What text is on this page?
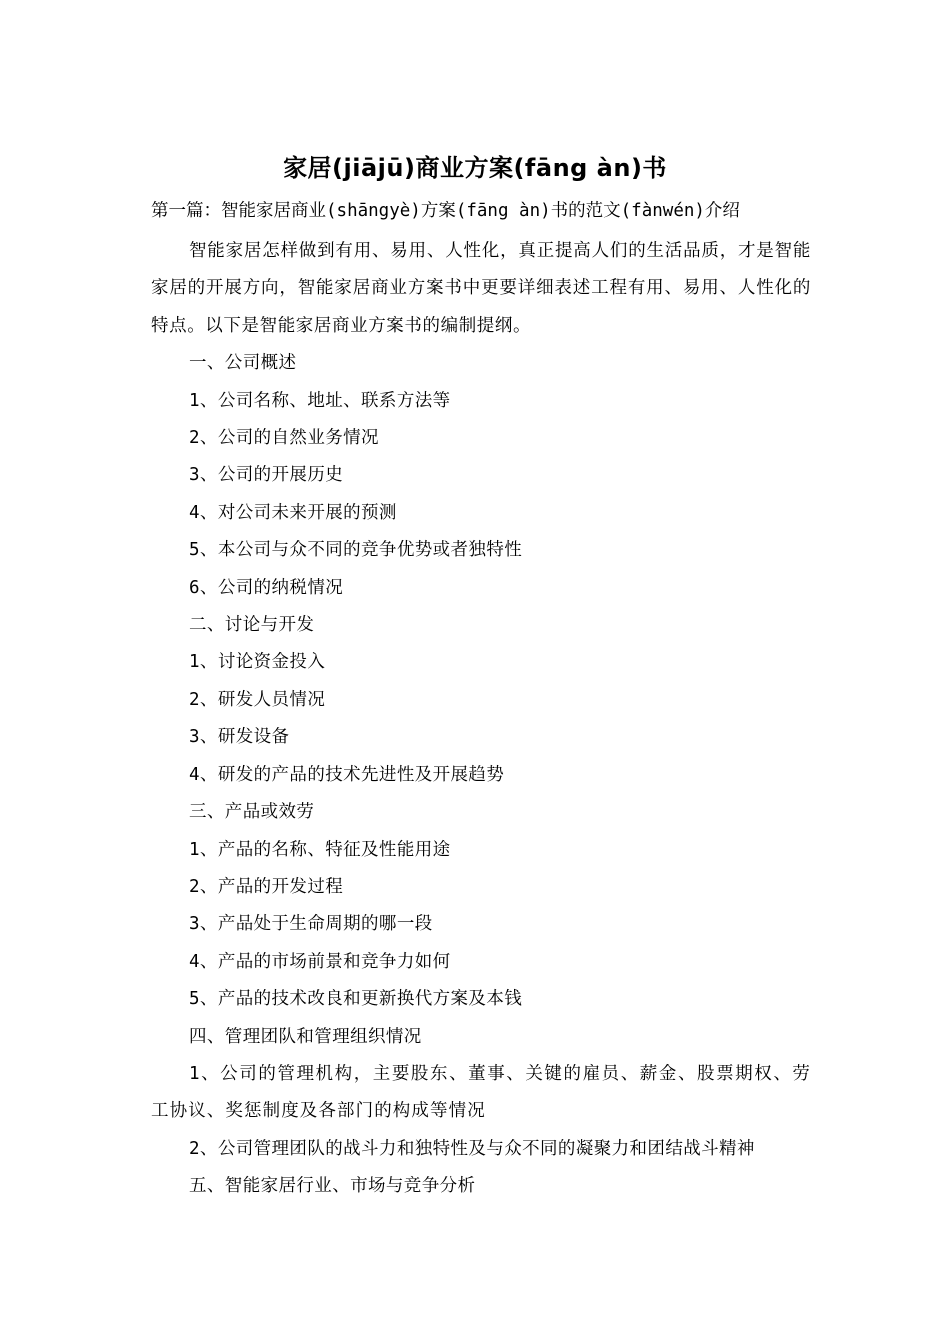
家居(jiājū)商业方案(fāng àn)书
第一篇：智能家居商业(shāngyè)方案(fāng àn)书的范文(fànwén)介绍

智能家居怎样做到有用、易用、人性化，真正提高人们的生活品质，才是智能家居的开展方向，智能家居商业方案书中更要详细表述工程有用、易用、人性化的特点。以下是智能家居商业方案书的编制提纲。

一、公司概述

1、公司名称、地址、联系方法等

2、公司的自然业务情况

3、公司的开展历史

4、对公司未来开展的预测

5、本公司与众不同的竞争优势或者独特性

6、公司的纳税情况

二、讨论与开发

1、讨论资金投入

2、研发人员情况

3、研发设备

4、研发的产品的技术先进性及开展趋势

三、产品或效劳

1、产品的名称、特征及性能用途

2、产品的开发过程

3、产品处于生命周期的哪一段

4、产品的市场前景和竞争力如何

5、产品的技术改良和更新换代方案及本钱

四、管理团队和管理组织情况

1、公司的管理机构，主要股东、董事、关键的雇员、薪金、股票期权、劳工协议、奖惩制度及各部门的构成等情况

2、公司管理团队的战斗力和独特性及与众不同的凝聚力和团结战斗精神

五、智能家居行业、市场与竞争分析
